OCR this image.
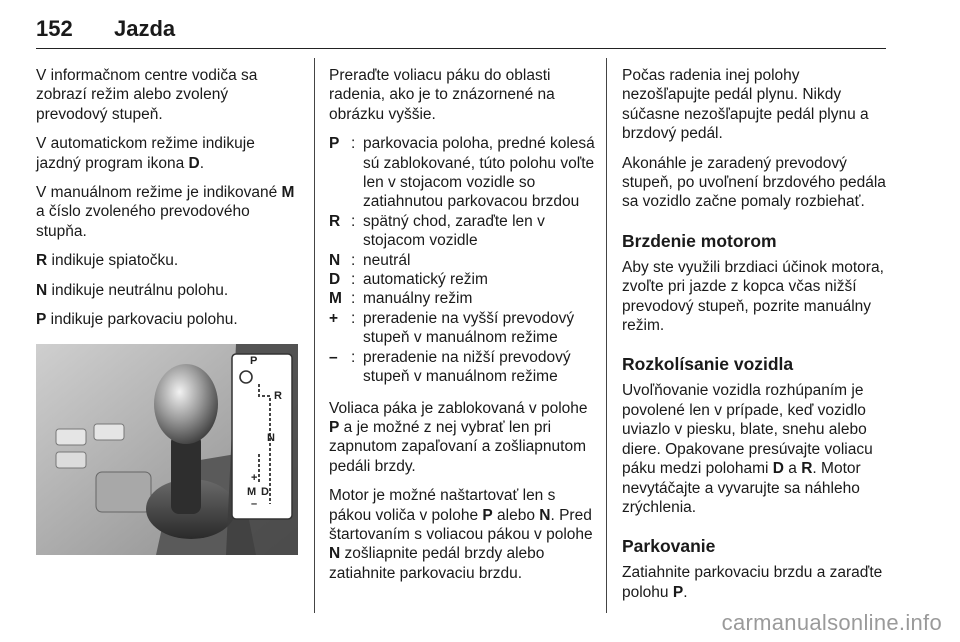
152 Jazda

V informačnom centre vodiča sa zobrazí režim alebo zvolený prevodový stupeň.

V automatickom režime indikuje jazdný program ikona D.

V manuálnom režime je indikované M a číslo zvoleného prevodového stupňa.

R indikuje spiatočku.

N indikuje neutrálnu polohu.

P indikuje parkovaciu polohu.

P
R
N
+
M D
–

Preraďte voliacu páku do oblasti radenia, ako je to znázornené na obrázku vyššie.

P : parkovacia poloha, predné kolesá sú zablokované, túto polohu voľte len v stojacom vozidle so zatiahnutou parkovacou brzdou
R : spätný chod, zaraďte len v stojacom vozidle
N : neutrál
D : automatický režim
M : manuálny režim
+ : preradenie na vyšší prevodový stupeň v manuálnom režime
– : preradenie na nižší prevodový stupeň v manuálnom režime

Voliaca páka je zablokovaná v polohe P a je možné z nej vybrať len pri zapnutom zapaľovaní a zošliapnutom pedáli brzdy.

Motor je možné naštartovať len s pákou voliča v polohe P alebo N. Pred štartovaním s voliacou pákou v polohe N zošliapnite pedál brzdy alebo zatiahnite parkovaciu brzdu.

Počas radenia inej polohy nezošľapujte pedál plynu. Nikdy súčasne nezošľapujte pedál plynu a brzdový pedál.

Akonáhle je zaradený prevodový stupeň, po uvoľnení brzdového pedála sa vozidlo začne pomaly rozbiehať.

Brzdenie motorom

Aby ste využili brzdiaci účinok motora, zvoľte pri jazde z kopca včas nižší prevodový stupeň, pozrite manuálny režim.

Rozkolísanie vozidla

Uvoľňovanie vozidla rozhúpaním je povolené len v prípade, keď vozidlo uviazlo v piesku, blate, snehu alebo diere. Opakovane presúvajte voliacu páku medzi polohami D a R. Motor nevytáčajte a vyvarujte sa náhleho zrýchlenia.

Parkovanie

Zatiahnite parkovaciu brzdu a zaraďte polohu P.

carmanualsonline.info
